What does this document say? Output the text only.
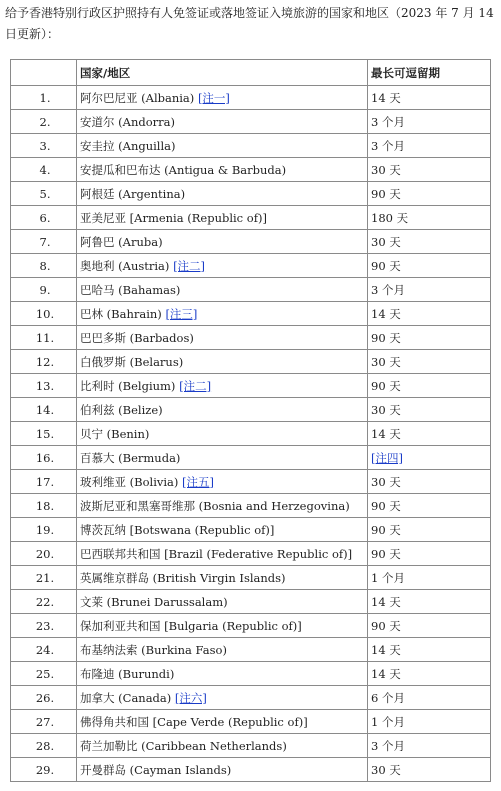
给予香港特别行政区护照持有人免签证或落地签证入境旅游的国家和地区（2023 年 7 月 14 日更新）：
	国家/地区	最长可逗留期
1.	阿尔巴尼亚 (Albania) [注一]	14 天
2.	安道尔 (Andorra)	3 个月
3.	安圭拉 (Anguilla)	3 个月
4.	安提瓜和巴布达 (Antigua & Barbuda)	30 天
5.	阿根廷 (Argentina)	90 天
6.	亚美尼亚 [Armenia (Republic of)]	180 天
7.	阿鲁巴 (Aruba)	30 天
8.	奥地利 (Austria) [注二]	90 天
9.	巴哈马 (Bahamas)	3 个月
10.	巴林 (Bahrain) [注三]	14 天
11.	巴巴多斯 (Barbados)	90 天
12.	白俄罗斯 (Belarus)	30 天
13.	比利时 (Belgium) [注二]	90 天
14.	伯利兹 (Belize)	30 天
15.	贝宁 (Benin)	14 天
16.	百慕大 (Bermuda)	[注四]
17.	玻利维亚 (Bolivia) [注五]	30 天
18.	波斯尼亚和黑塞哥维那 (Bosnia and Herzegovina)	90 天
19.	博茨瓦纳 [Botswana (Republic of)]	90 天
20.	巴西联邦共和国 [Brazil (Federative Republic of)]	90 天
21.	英属维京群岛 (British Virgin Islands)	1 个月
22.	文莱 (Brunei Darussalam)	14 天
23.	保加利亚共和国 [Bulgaria (Republic of)]	90 天
24.	布基纳法索 (Burkina Faso)	14 天
25.	布隆迪 (Burundi)	14 天
26.	加拿大 (Canada) [注六]	6 个月
27.	佛得角共和国 [Cape Verde (Republic of)]	1 个月
28.	荷兰加勒比 (Caribbean Netherlands)	3 个月
29.	开曼群岛 (Cayman Islands)	30 天
